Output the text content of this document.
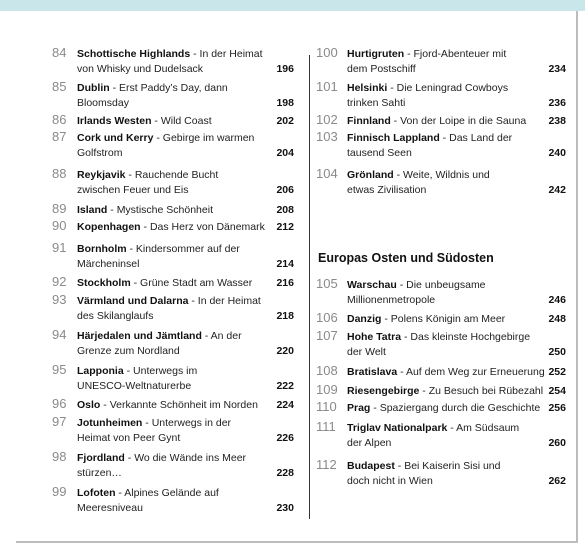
84 Schottische Highlands - In der Heimat
von Whisky und Dudelsack	196
85 Dublin - Erst Paddy’s Day, dann
Bloomsday	198
86 Irlands Westen - Wild Coast	202
87 Cork und Kerry - Gebirge im warmen
Golfstrom	204
88 Reykjavik - Rauchende Bucht
zwischen Feuer und Eis	206
89 Island - Mystische Schönheit	208
90 Kopenhagen - Das Herz von Dänemark 212
91 Bornholm - Kindersommer auf der
Märcheninsel	214
92 Stockholm - Grüne Stadt am Wasser 216
93 Värmland und Dalarna - In der Heimat
des Skilanglaufs	218
94 Härjedalen und Jämtland - An der
Grenze zum Nordland	220
95 Lapponia - Unterwegs im
UNESCO-Weltnaturerbe	222
96 Oslo - Verkannte Schönheit im Norden 224
97 Jotunheimen - Unterwegs in der
Heimat von Peer Gynt	226
98 Fjordland - Wo die Wände ins Meer
stürzen…	228
99 Lofoten - Alpines Gelände auf
Meeresniveau	230
100 Hurtigruten - Fjord-Abenteuer mit
dem Postschiff	234
101 Helsinki - Die Leningrad Cowboys
trinken Sahti	236
102 Finnland - Von der Loipe in die Sauna 238
103 Finnisch Lappland - Das Land der
tausend Seen	240
104 Grönland - Weite, Wildnis und
etwas Zivilisation	242
Europas Osten und Südosten
105 Warschau - Die unbeugsame
Millionenmetropole	246
106 Danzig - Polens Königin am Meer	248
107 Hohe Tatra - Das kleinste Hochgebirge
der Welt	250
108 Bratislava - Auf dem Weg zur Erneuerung 252
109 Riesengebirge - Zu Besuch bei Rübezahl 254
110 Prag - Spaziergang durch die Geschichte 256
111 Triglav Nationalpark - Am Südsaum
der Alpen	260
112 Budapest - Bei Kaiserin Sisi und
doch nicht in Wien	262
